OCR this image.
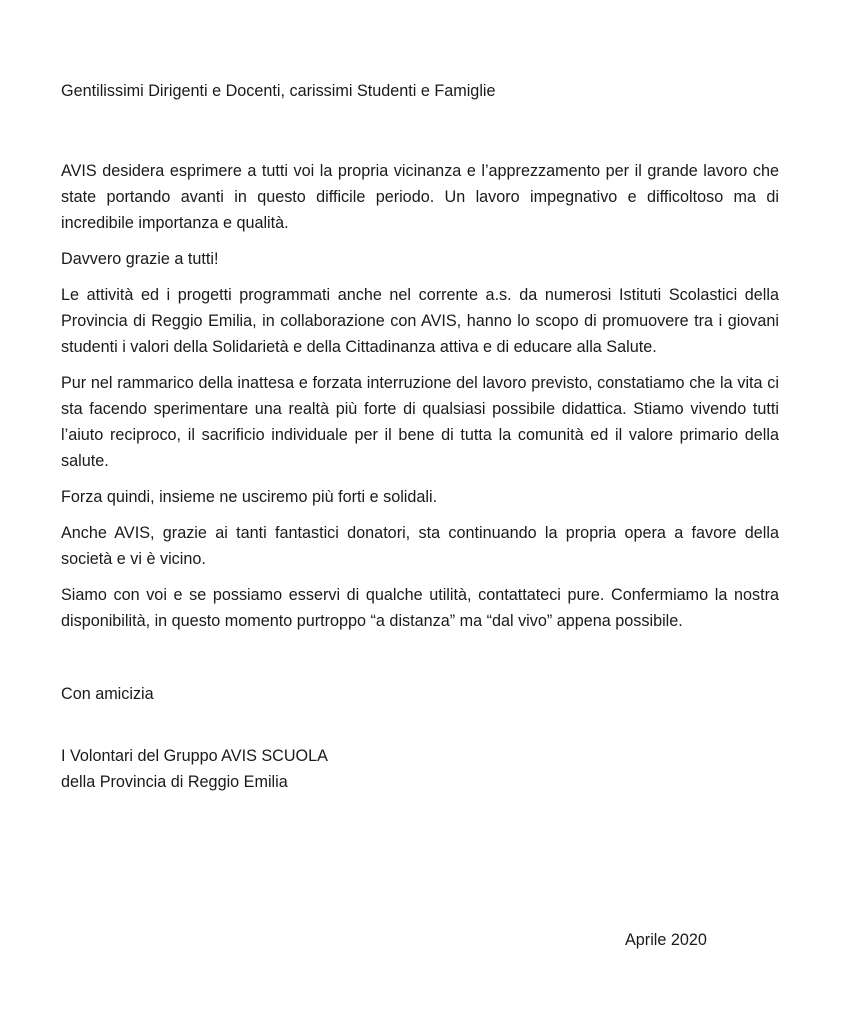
Gentilissimi Dirigenti e Docenti, carissimi Studenti e Famiglie

AVIS desidera esprimere a tutti voi la propria vicinanza e l’apprezzamento per il grande lavoro che state portando avanti in questo difficile periodo. Un lavoro impegnativo e difficoltoso ma di incredibile importanza e qualità.

Davvero grazie a tutti!

Le attività ed i progetti programmati anche nel corrente a.s. da numerosi Istituti Scolastici della Provincia di Reggio Emilia, in collaborazione con AVIS, hanno lo scopo di promuovere tra i giovani studenti i valori della Solidarietà e della Cittadinanza attiva e di educare alla Salute.

Pur nel rammarico della inattesa e forzata interruzione del lavoro previsto, constatiamo che la vita ci sta facendo sperimentare una realtà più forte di qualsiasi possibile didattica. Stiamo vivendo tutti l’aiuto reciproco, il sacrificio individuale per il bene di tutta la comunità ed il valore primario della salute.

Forza quindi, insieme ne usciremo più forti e solidali.

Anche AVIS, grazie ai tanti fantastici donatori, sta continuando la propria opera a favore della società e vi è vicino.

Siamo con voi e se possiamo esservi di qualche utilità, contattateci pure. Confermiamo la nostra disponibilità, in questo momento purtroppo “a distanza” ma “dal vivo” appena possibile.

Con amicizia

I Volontari del Gruppo AVIS SCUOLA
della Provincia di Reggio Emilia

Aprile 2020
